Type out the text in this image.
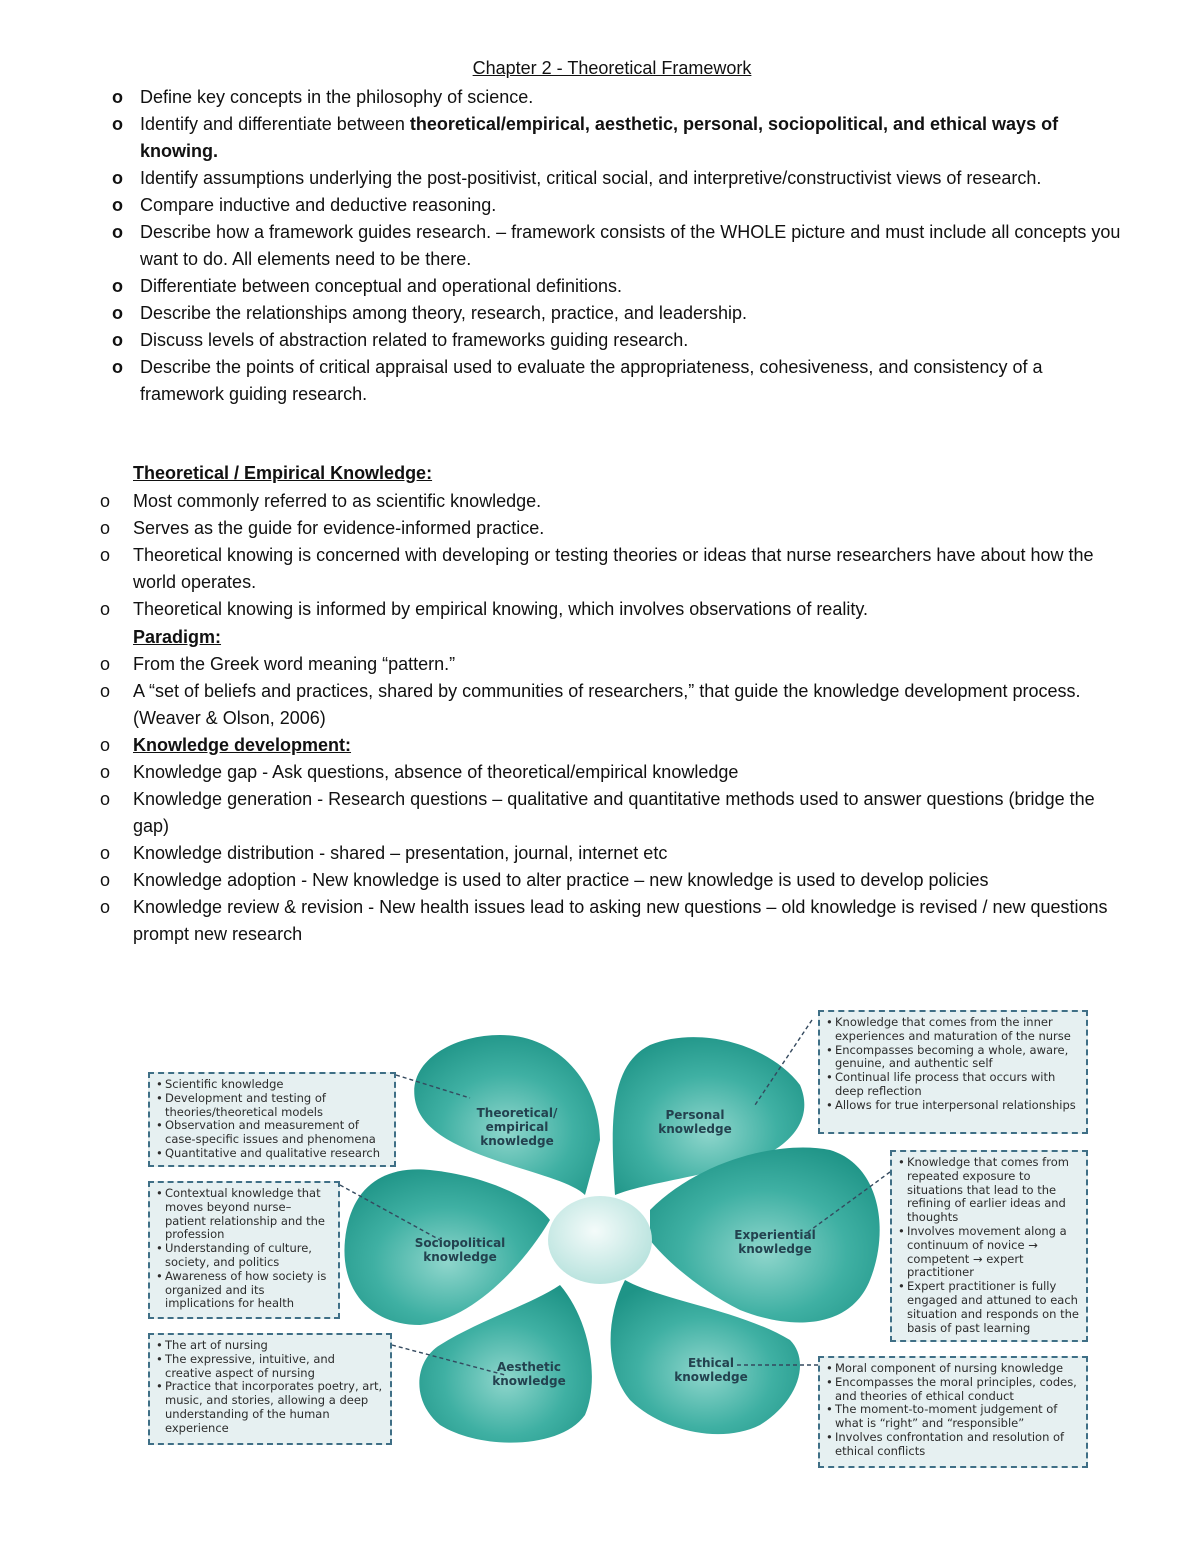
Chapter 2 - Theoretical Framework
o Define key concepts in the philosophy of science.
o Identify and differentiate between theoretical/empirical, aesthetic, personal, sociopolitical, and ethical ways of knowing.
o Identify assumptions underlying the post-positivist, critical social, and interpretive/constructivist views of research.
o Compare inductive and deductive reasoning.
o Describe how a framework guides research. – framework consists of the WHOLE picture and must include all concepts you want to do. All elements need to be there.
o Differentiate between conceptual and operational definitions.
o Describe the relationships among theory, research, practice, and leadership.
o Discuss levels of abstraction related to frameworks guiding research.
o Describe the points of critical appraisal used to evaluate the appropriateness, cohesiveness, and consistency of a framework guiding research.
Theoretical / Empirical Knowledge:
o Most commonly referred to as scientific knowledge.
o Serves as the guide for evidence-informed practice.
o Theoretical knowing is concerned with developing or testing theories or ideas that nurse researchers have about how the world operates.
o Theoretical knowing is informed by empirical knowing, which involves observations of reality.
Paradigm:
o From the Greek word meaning “pattern.”
o A “set of beliefs and practices, shared by communities of researchers,” that guide the knowledge development process. (Weaver & Olson, 2006)
o Knowledge development:
o Knowledge gap - Ask questions, absence of theoretical/empirical knowledge
o Knowledge generation - Research questions – qualitative and quantitative methods used to answer questions (bridge the gap)
o Knowledge distribution - shared – presentation, journal, internet etc
o Knowledge adoption - New knowledge is used to alter practice – new knowledge is used to develop policies
o Knowledge review & revision - New health issues lead to asking new questions – old knowledge is revised / new questions prompt new research
Theoretical/ empirical knowledge
Personal knowledge
Sociopolitical knowledge
Experiential knowledge
Aesthetic knowledge
Ethical knowledge
• Scientific knowledge
• Development and testing of theories/theoretical models
• Observation and measurement of case-specific issues and phenomena
• Quantitative and qualitative research
• Knowledge that comes from the inner experiences and maturation of the nurse
• Encompasses becoming a whole, aware, genuine, and authentic self
• Continual life process that occurs with deep reflection
• Allows for true interpersonal relationships
• Contextual knowledge that moves beyond nurse–patient relationship and the profession
• Understanding of culture, society, and politics
• Awareness of how society is organized and its implications for health
• Knowledge that comes from repeated exposure to situations that lead to the refining of earlier ideas and thoughts
• Involves movement along a continuum of novice → competent → expert practitioner
• Expert practitioner is fully engaged and attuned to each situation and responds on the basis of past learning
• The art of nursing
• The expressive, intuitive, and creative aspect of nursing
• Practice that incorporates poetry, art, music, and stories, allowing a deep understanding of the human experience
• Moral component of nursing knowledge
• Encompasses the moral principles, codes, and theories of ethical conduct
• The moment-to-moment judgement of what is “right” and “responsible”
• Involves confrontation and resolution of ethical conflicts
